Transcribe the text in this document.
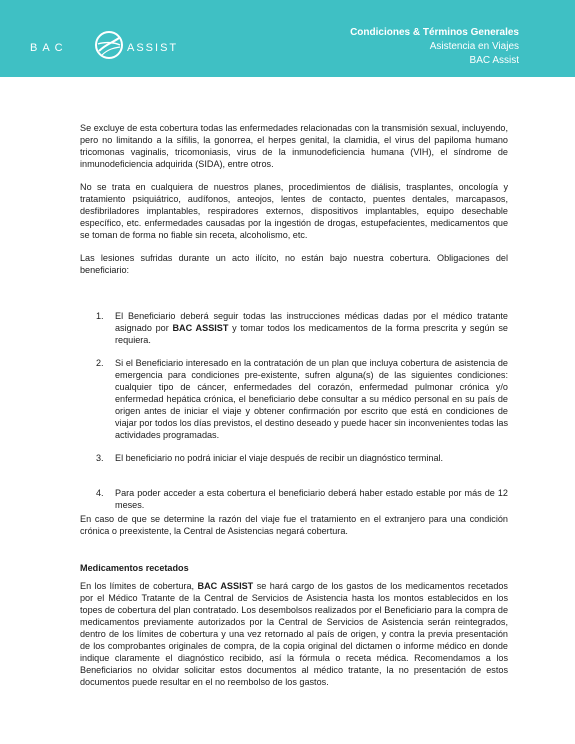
BAC	ASSIST
Condiciones & Términos Generales
Asistencia en Viajes
BAC Assist

Se excluye de esta cobertura todas las enfermedades relacionadas con la transmisión sexual, incluyendo, pero no limitando a la sífilis, la gonorrea, el herpes genital, la clamidia, el virus del papiloma humano tricomonas vaginalis, tricomoniasis, virus de la inmunodeficiencia humana (VIH), el síndrome de inmunodeficiencia adquirida (SIDA), entre otros.

No se trata en cualquiera de nuestros planes, procedimientos de diálisis, trasplantes, oncología y tratamiento psiquiátrico, audífonos, anteojos, lentes de contacto, puentes dentales, marcapasos, desfibriladores implantables, respiradores externos, dispositivos implantables, equipo desechable específico, etc. enfermedades causadas por la ingestión de drogas, estupefacientes, medicamentos que se toman de forma no fiable sin receta, alcoholismo, etc.

Las lesiones sufridas durante un acto ilícito, no están bajo nuestra cobertura. Obligaciones del beneficiario:

1. El Beneficiario deberá seguir todas las instrucciones médicas dadas por el médico tratante asignado por BAC ASSIST y tomar todos los medicamentos de la forma prescrita y según se requiera.
2. Si el Beneficiario interesado en la contratación de un plan que incluya cobertura de asistencia de emergencia para condiciones pre-existente, sufren alguna(s) de las siguientes condiciones: cualquier tipo de cáncer, enfermedades del corazón, enfermedad pulmonar crónica y/o enfermedad hepática crónica, el beneficiario debe consultar a su médico personal en su país de origen antes de iniciar el viaje y obtener confirmación por escrito que está en condiciones de viajar por todos los días previstos, el destino deseado y puede hacer sin inconvenientes todas las actividades programadas.
3. El beneficiario no podrá iniciar el viaje después de recibir un diagnóstico terminal.
4. Para poder acceder a esta cobertura el beneficiario deberá haber estado estable por más de 12 meses.

En caso de que se determine la razón del viaje fue el tratamiento en el extranjero para una condición crónica o preexistente, la Central de Asistencias negará cobertura.

Medicamentos recetados

En los límites de cobertura, BAC ASSIST se hará cargo de los gastos de los medicamentos recetados por el Médico Tratante de la Central de Servicios de Asistencia hasta los montos establecidos en los topes de cobertura del plan contratado. Los desembolsos realizados por el Beneficiario para la compra de medicamentos previamente autorizados por la Central de Servicios de Asistencia serán reintegrados, dentro de los límites de cobertura y una vez retornado al país de origen, y contra la previa presentación de los comprobantes originales de compra, de la copia original del dictamen o informe médico en donde indique claramente el diagnóstico recibido, así la fórmula o receta médica. Recomendamos a los Beneficiarios no olvidar solicitar estos documentos al médico tratante, la no presentación de estos documentos puede resultar en el no reembolso de los gastos.
